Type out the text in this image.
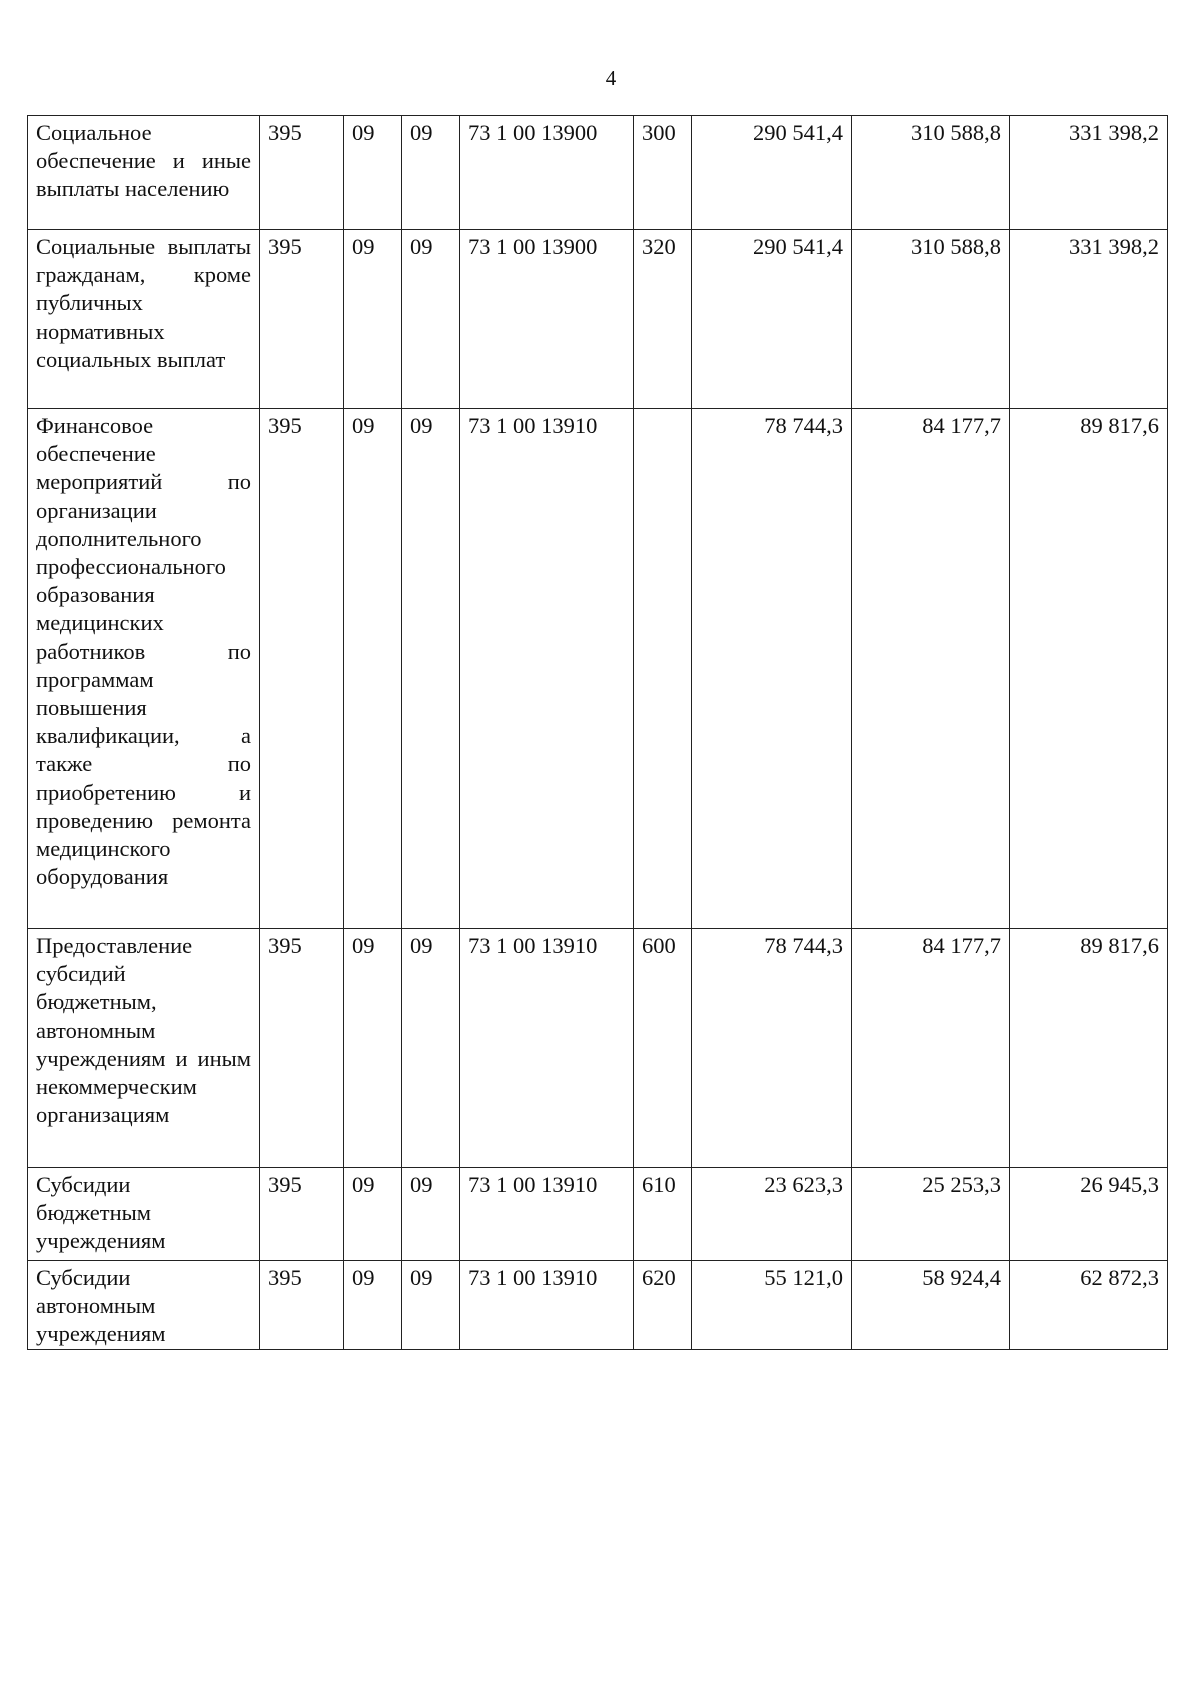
4
Социальное обеспечение и иные выплаты населению	395	09	09	73 1 00 13900	300	290 541,4	310 588,8	331 398,2
Социальные выплаты гражданам, кроме публичных нормативных социальных выплат	395	09	09	73 1 00 13900	320	290 541,4	310 588,8	331 398,2
Финансовое обеспечение мероприятий по организации дополнительного профессионального образования медицинских работников по программам повышения квалификации, а также по приобретению и проведению ремонта медицинского оборудования	395	09	09	73 1 00 13910		78 744,3	84 177,7	89 817,6
Предоставление субсидий бюджетным, автономным учреждениям и иным некоммерческим организациям	395	09	09	73 1 00 13910	600	78 744,3	84 177,7	89 817,6
Субсидии бюджетным учреждениям	395	09	09	73 1 00 13910	610	23 623,3	25 253,3	26 945,3
Субсидии автономным учреждениям	395	09	09	73 1 00 13910	620	55 121,0	58 924,4	62 872,3
